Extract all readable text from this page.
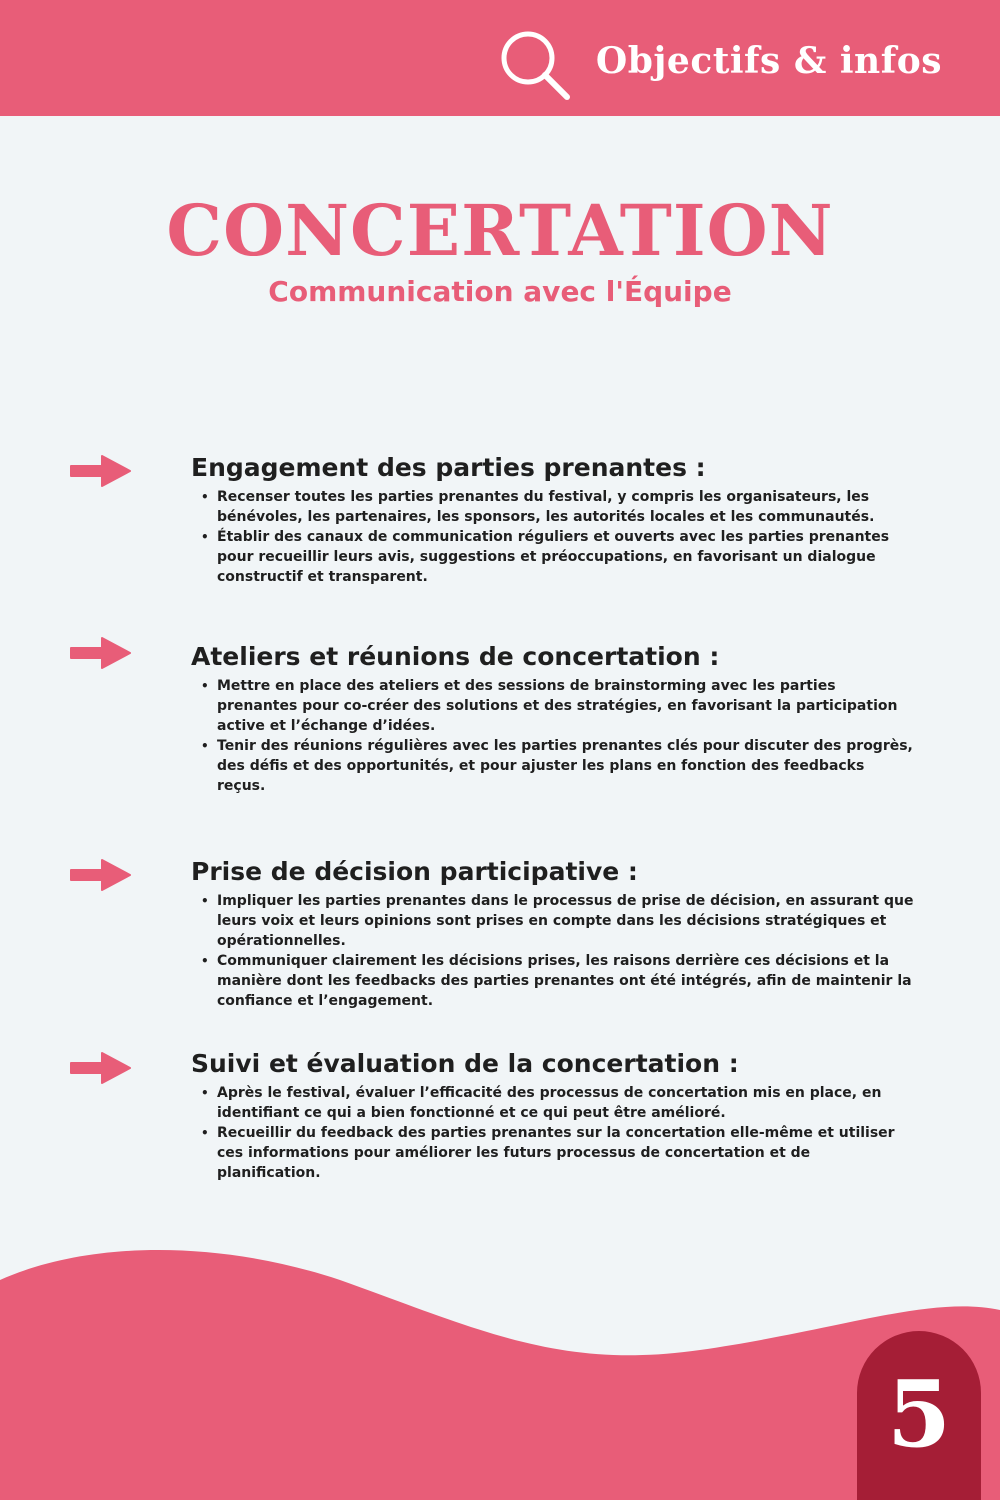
Objectifs & infos
CONCERTATION
Communication avec l'Équipe
Engagement des parties prenantes :
• Recenser toutes les parties prenantes du festival, y compris les organisateurs, les bénévoles, les partenaires, les sponsors, les autorités locales et les communautés.
• Établir des canaux de communication réguliers et ouverts avec les parties prenantes pour recueillir leurs avis, suggestions et préoccupations, en favorisant un dialogue constructif et transparent.
Ateliers et réunions de concertation :
• Mettre en place des ateliers et des sessions de brainstorming avec les parties prenantes pour co-créer des solutions et des stratégies, en favorisant la participation active et l’échange d’idées.
• Tenir des réunions régulières avec les parties prenantes clés pour discuter des progrès, des défis et des opportunités, et pour ajuster les plans en fonction des feedbacks reçus.
Prise de décision participative :
• Impliquer les parties prenantes dans le processus de prise de décision, en assurant que leurs voix et leurs opinions sont prises en compte dans les décisions stratégiques et opérationnelles.
• Communiquer clairement les décisions prises, les raisons derrière ces décisions et la manière dont les feedbacks des parties prenantes ont été intégrés, afin de maintenir la confiance et l’engagement.
Suivi et évaluation de la concertation :
• Après le festival, évaluer l’efficacité des processus de concertation mis en place, en identifiant ce qui a bien fonctionné et ce qui peut être amélioré.
• Recueillir du feedback des parties prenantes sur la concertation elle-même et utiliser ces informations pour améliorer les futurs processus de concertation et de planification.
5
